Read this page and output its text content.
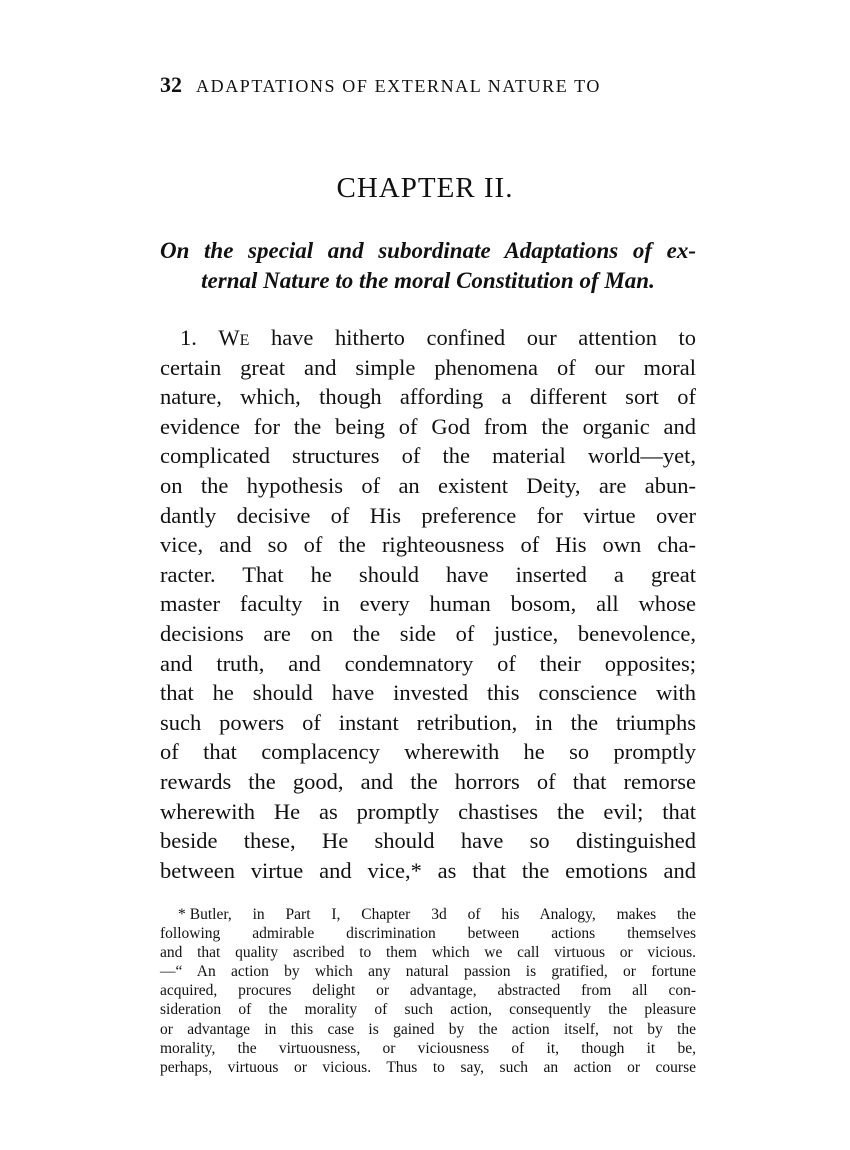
32 ADAPTATIONS OF EXTERNAL NATURE TO
CHAPTER II.
On the special and subordinate Adaptations of ex-
ternal Nature to the moral Constitution of Man.
1. We have hitherto confined our attention to
certain great and simple phenomena of our moral
nature, which, though affording a different sort of
evidence for the being of God from the organic and
complicated structures of the material world—yet,
on the hypothesis of an existent Deity, are abun-
dantly decisive of His preference for virtue over
vice, and so of the righteousness of His own cha-
racter. That he should have inserted a great
master faculty in every human bosom, all whose
decisions are on the side of justice, benevolence,
and truth, and condemnatory of their opposites;
that he should have invested this conscience with
such powers of instant retribution, in the triumphs
of that complacency wherewith he so promptly
rewards the good, and the horrors of that remorse
wherewith He as promptly chastises the evil; that
beside these, He should have so distinguished
between virtue and vice,* as that the emotions and
* Butler, in Part I, Chapter 3d of his Analogy, makes the
following admirable discrimination between actions themselves
and that quality ascribed to them which we call virtuous or vicious.
—“ An action by which any natural passion is gratified, or fortune
acquired, procures delight or advantage, abstracted from all con-
sideration of the morality of such action, consequently the pleasure
or advantage in this case is gained by the action itself, not by the
morality, the virtuousness, or viciousness of it, though it be,
perhaps, virtuous or vicious. Thus to say, such an action or course
